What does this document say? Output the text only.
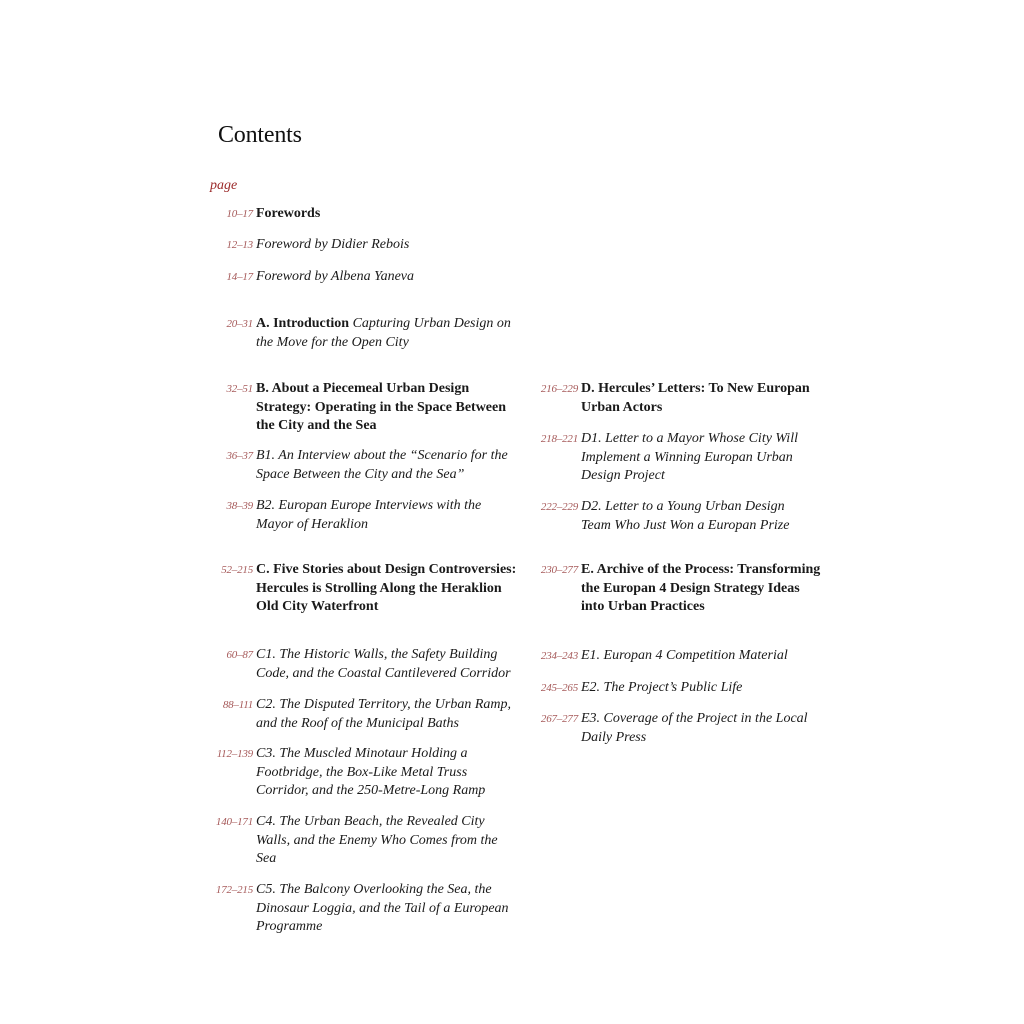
Contents
page
10–17 Forewords
12–13 Foreword by Didier Rebois
14–17 Foreword by Albena Yaneva
20–31 A. Introduction Capturing Urban Design on the Move for the Open City
32–51 B. About a Piecemeal Urban Design Strategy: Operating in the Space Between the City and the Sea
36–37 B1. An Interview about the “Scenario for the Space Between the City and the Sea”
38–39 B2. Europan Europe Interviews with the Mayor of Heraklion
52–215 C. Five Stories about Design Controversies: Hercules is Strolling Along the Heraklion Old City Waterfront
60–87 C1. The Historic Walls, the Safety Building Code, and the Coastal Cantilevered Corridor
88–111 C2. The Disputed Territory, the Urban Ramp, and the Roof of the Municipal Baths
112–139 C3. The Muscled Minotaur Holding a Footbridge, the Box-Like Metal Truss Corridor, and the 250-Metre-Long Ramp
140–171 C4. The Urban Beach, the Revealed City Walls, and the Enemy Who Comes from the Sea
172–215 C5. The Balcony Overlooking the Sea, the Dinosaur Loggia, and the Tail of a European Programme
216–229 D. Hercules’ Letters: To New Europan Urban Actors
218–221 D1. Letter to a Mayor Whose City Will Implement a Winning Europan Urban Design Project
222–229 D2. Letter to a Young Urban Design Team Who Just Won a Europan Prize
230–277 E. Archive of the Process: Transforming the Europan 4 Design Strategy Ideas into Urban Practices
234–243 E1. Europan 4 Competition Material
245–265 E2. The Project’s Public Life
267–277 E3. Coverage of the Project in the Local Daily Press
